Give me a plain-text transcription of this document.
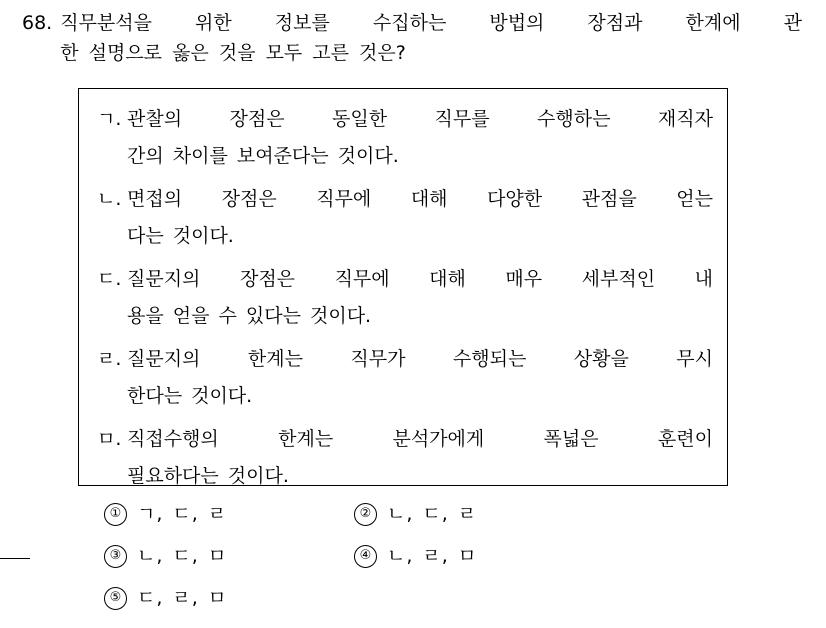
68. 직무분석을 위한 정보를 수집하는 방법의 장점과 한계에 관
한 설명으로 옳은 것을 모두 고른 것은?
ㄱ. 관찰의 장점은 동일한 직무를 수행하는 재직자
간의 차이를 보여준다는 것이다.
ㄴ. 면접의 장점은 직무에 대해 다양한 관점을 얻는
다는 것이다.
ㄷ. 질문지의 장점은 직무에 대해 매우 세부적인 내
용을 얻을 수 있다는 것이다.
ㄹ. 질문지의 한계는 직무가 수행되는 상황을 무시
한다는 것이다.
ㅁ. 직접수행의 한계는 분석가에게 폭넓은 훈련이
필요하다는 것이다.
① ㄱ, ㄷ, ㄹ	② ㄴ, ㄷ, ㄹ
③ ㄴ, ㄷ, ㅁ	④ ㄴ, ㄹ, ㅁ
⑤ ㄷ, ㄹ, ㅁ
